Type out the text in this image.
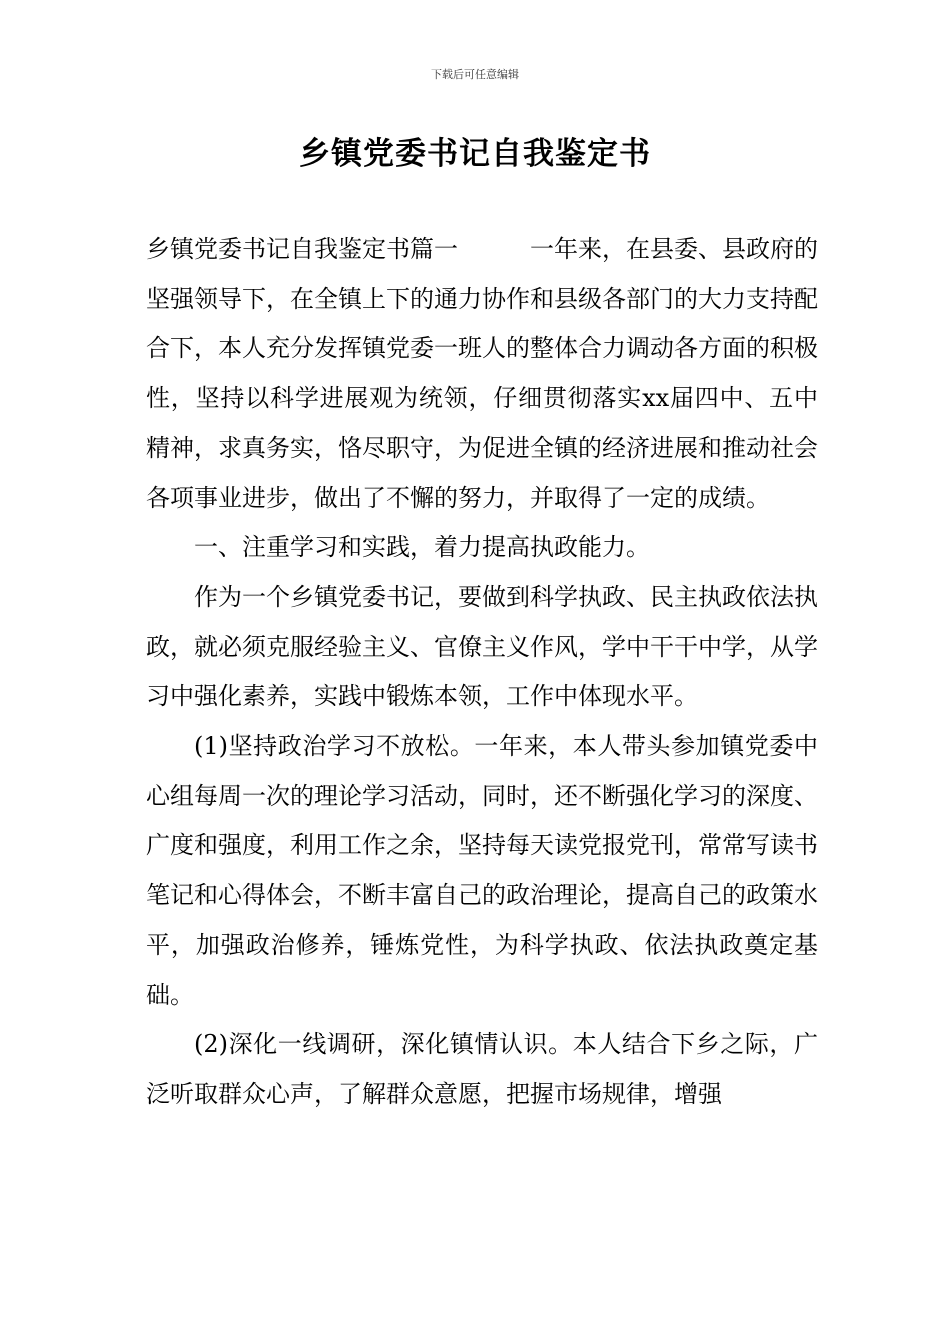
下载后可任意编辑
乡镇党委书记自我鉴定书

乡镇党委书记自我鉴定书篇一	一年来，在县委、县政府的坚强领导下，在全镇上下的通力协作和县级各部门的大力支持配合下，本人充分发挥镇党委一班人的整体合力调动各方面的积极性，坚持以科学进展观为统领，仔细贯彻落实xx届四中、五中精神，求真务实，恪尽职守，为促进全镇的经济进展和推动社会各项事业进步，做出了不懈的努力，并取得了一定的成绩。

一、注重学习和实践，着力提高执政能力。

作为一个乡镇党委书记，要做到科学执政、民主执政依法执政，就必须克服经验主义、官僚主义作风，学中干干中学，从学习中强化素养，实践中锻炼本领，工作中体现水平。

(1)坚持政治学习不放松。一年来，本人带头参加镇党委中心组每周一次的理论学习活动，同时，还不断强化学习的深度、广度和强度，利用工作之余，坚持每天读党报党刊，常常写读书笔记和心得体会，不断丰富自己的政治理论，提高自己的政策水平，加强政治修养，锤炼党性，为科学执政、依法执政奠定基础。

(2)深化一线调研，深化镇情认识。本人结合下乡之际，广泛听取群众心声，了解群众意愿，把握市场规律，增强
